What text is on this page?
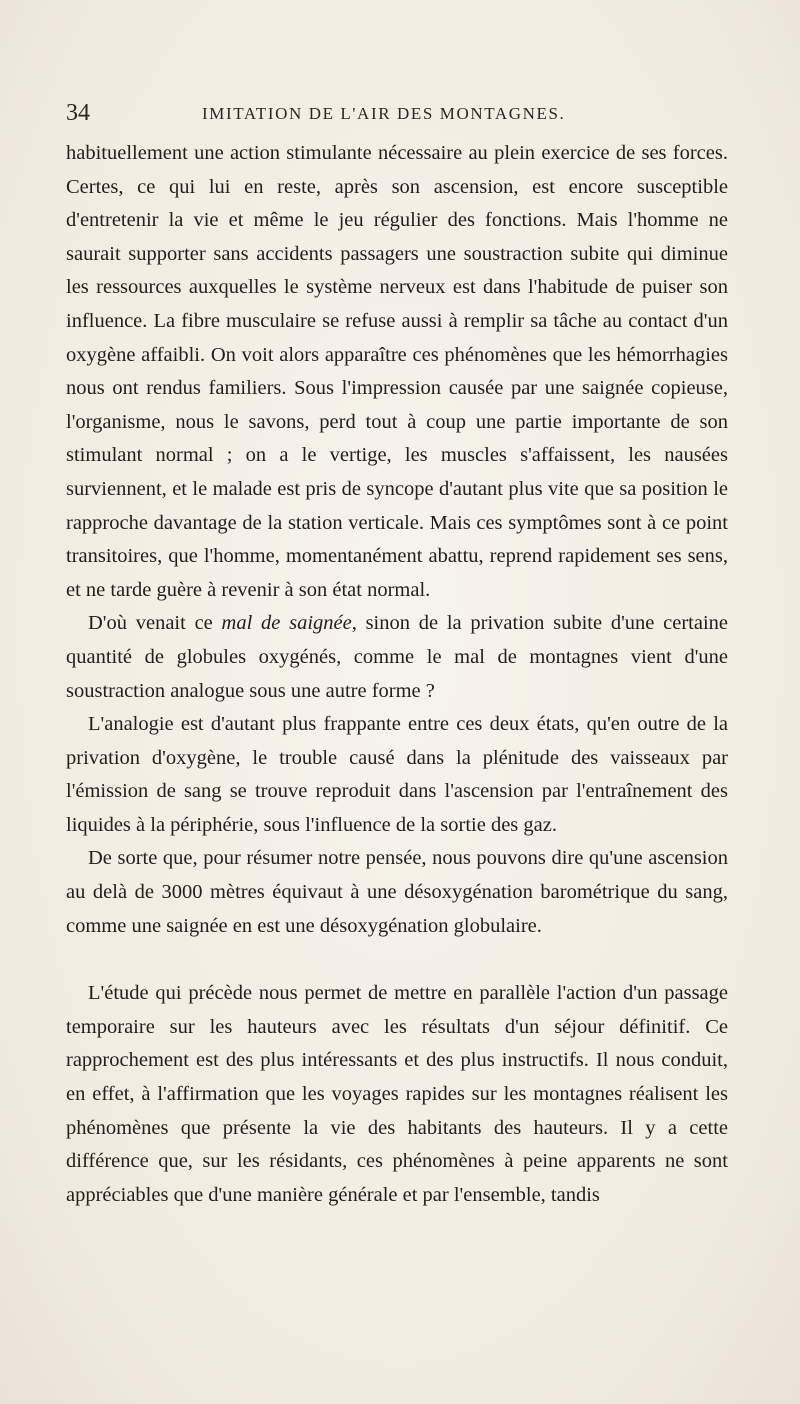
34	IMITATION DE L'AIR DES MONTAGNES.

habituellement une action stimulante nécessaire au plein exercice de ses forces. Certes, ce qui lui en reste, après son ascension, est encore susceptible d'entretenir la vie et même le jeu régulier des fonctions. Mais l'homme ne saurait supporter sans accidents passagers une soustraction subite qui diminue les ressources auxquelles le système nerveux est dans l'habitude de puiser son influence. La fibre musculaire se refuse aussi à remplir sa tâche au contact d'un oxygène affaibli. On voit alors apparaître ces phénomènes que les hémorrhagies nous ont rendus familiers. Sous l'impression causée par une saignée copieuse, l'organisme, nous le savons, perd tout à coup une partie importante de son stimulant normal ; on a le vertige, les muscles s'affaissent, les nausées surviennent, et le malade est pris de syncope d'autant plus vite que sa position le rapproche davantage de la station verticale. Mais ces symptômes sont à ce point transitoires, que l'homme, momentanément abattu, reprend rapidement ses sens, et ne tarde guère à revenir à son état normal.

D'où venait ce mal de saignée, sinon de la privation subite d'une certaine quantité de globules oxygénés, comme le mal de montagnes vient d'une soustraction analogue sous une autre forme ?

L'analogie est d'autant plus frappante entre ces deux états, qu'en outre de la privation d'oxygène, le trouble causé dans la plénitude des vaisseaux par l'émission de sang se trouve reproduit dans l'ascension par l'entraînement des liquides à la périphérie, sous l'influence de la sortie des gaz.

De sorte que, pour résumer notre pensée, nous pouvons dire qu'une ascension au delà de 3000 mètres équivaut à une désoxygénation barométrique du sang, comme une saignée en est une désoxygénation globulaire.

L'étude qui précède nous permet de mettre en parallèle l'action d'un passage temporaire sur les hauteurs avec les résultats d'un séjour définitif. Ce rapprochement est des plus intéressants et des plus instructifs. Il nous conduit, en effet, à l'affirmation que les voyages rapides sur les montagnes réalisent les phénomènes que présente la vie des habitants des hauteurs. Il y a cette différence que, sur les résidants, ces phénomènes à peine apparents ne sont appréciables que d'une manière générale et par l'ensemble, tandis
